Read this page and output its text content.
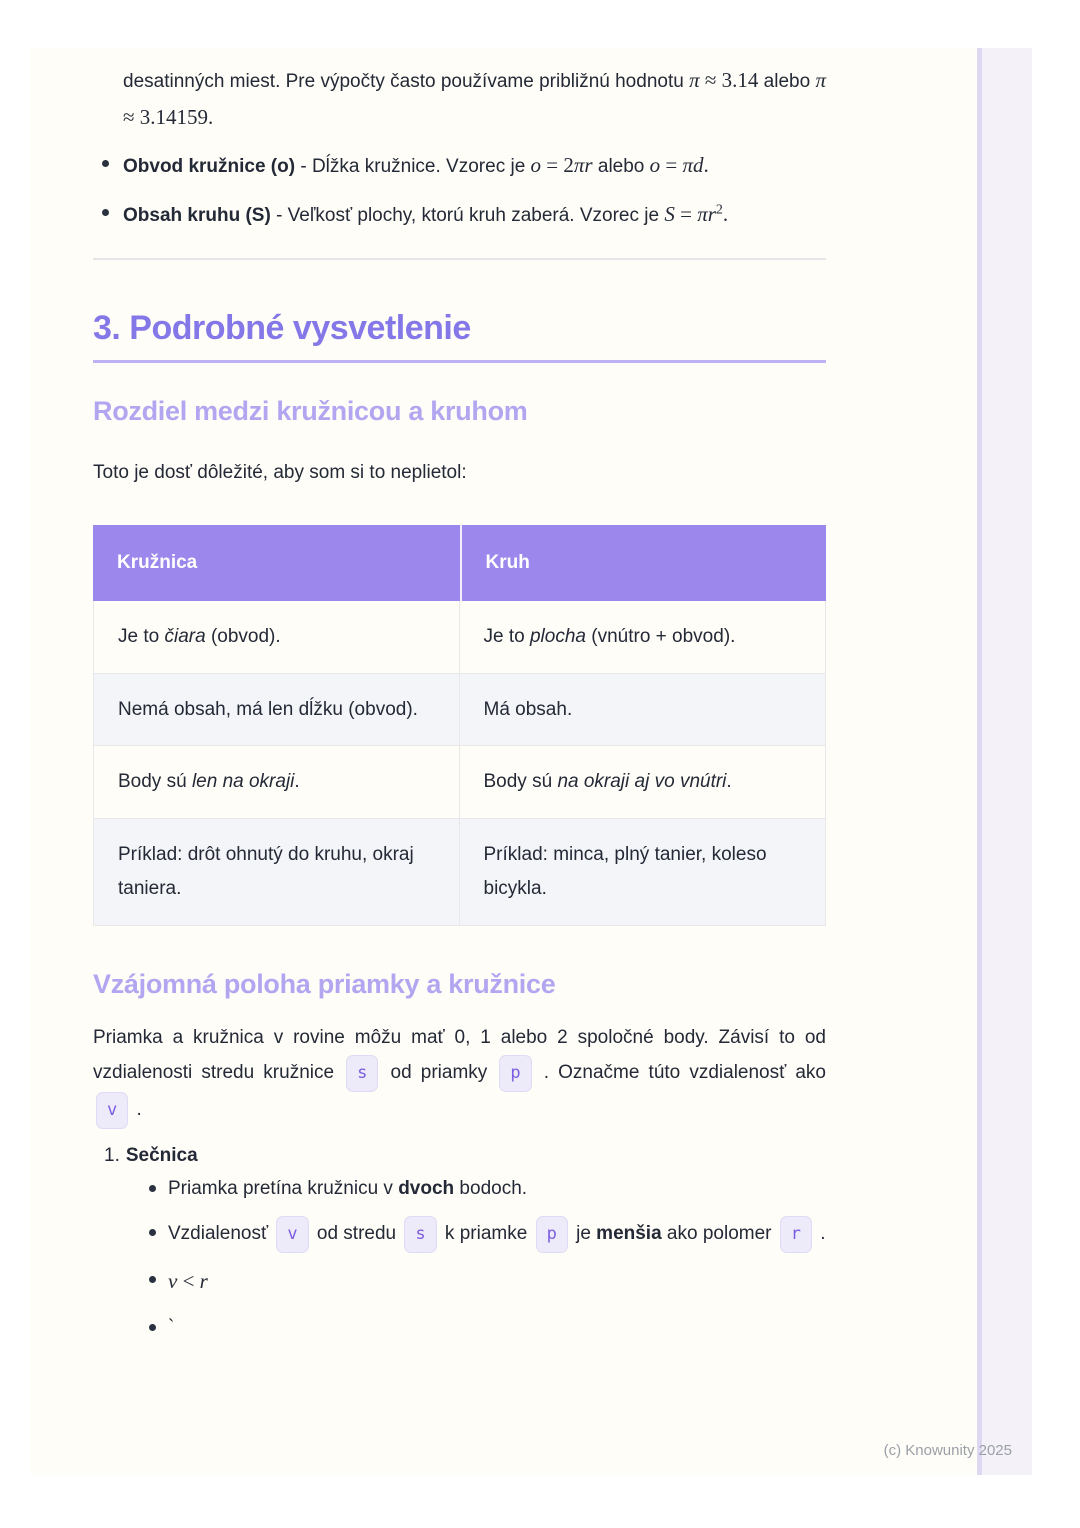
desatinných miest. Pre výpočty často používame približnú hodnotu π ≈ 3.14 alebo π ≈ 3.14159.

Obvod kružnice (o) - Dĺžka kružnice. Vzorec je o = 2πr alebo o = πd.
Obsah kruhu (S) - Veľkosť plochy, ktorú kruh zaberá. Vzorec je $S = \pi r^2$.
3. Podrobné vysvetlenie
Rozdiel medzi kružnicou a kruhom

Toto je dosť dôležité, aby som si to neplietol:

Kružnica	Kruh
Je to čiara (obvod).	Je to plocha (vnútro + obvod).
Nemá obsah, má len dĺžku (obvod).	Má obsah.
Body sú len na okraji.	Body sú na okraji aj vo vnútri.
Príklad: drôt ohnutý do kruhu, okraj taniera.	Príklad: minca, plný tanier, koleso bicykla.
Vzájomná poloha priamky a kružnice

Priamka a kružnica v rovine môžu mať 0, 1 alebo 2 spoločné body. Závisí to od vzdialenosti stredu kružnice s od priamky p . Označme túto vzdialenosť ako v .

1. Sečnica
Priamka pretína kružnicu v dvoch bodoch.
Vzdialenosť v od stredu s k priamke p je menšia ako polomer r .
v < r
`
(c) Knowunity 2025
